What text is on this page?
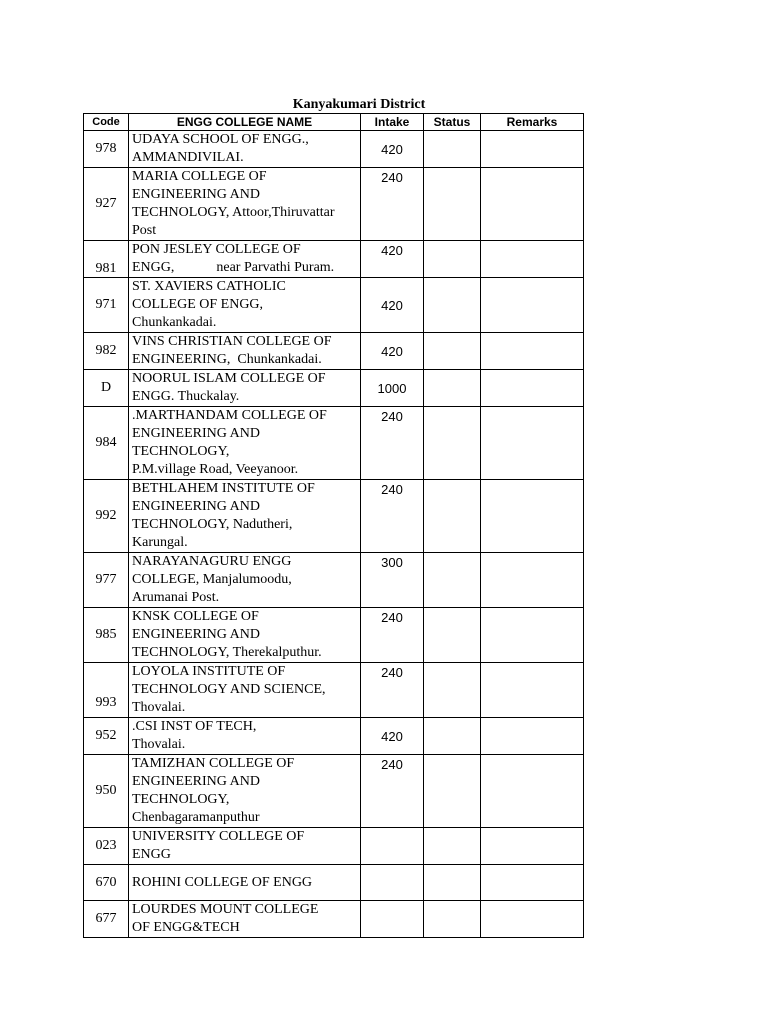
Kanyakumari District
Code	ENGG COLLEGE NAME	Intake	Status	Remarks
978	UDAYA SCHOOL OF ENGG.,
AMMANDIVILAI.	420		
927	MARIA COLLEGE OF
ENGINEERING AND
TECHNOLOGY, Attoor,Thiruvattar
Post	240		
981	PON JESLEY COLLEGE OF
ENGG,            near Parvathi Puram.	420		
971	ST. XAVIERS CATHOLIC
COLLEGE OF ENGG,
Chunkankadai.	420		
982	VINS CHRISTIAN COLLEGE OF
ENGINEERING,  Chunkankadai.	420		
D	NOORUL ISLAM COLLEGE OF
ENGG. Thuckalay.	1000		
984	.MARTHANDAM COLLEGE OF
ENGINEERING AND
TECHNOLOGY,
P.M.village Road, Veeyanoor.	240		
992	BETHLAHEM INSTITUTE OF
ENGINEERING AND
TECHNOLOGY, Nadutheri,
Karungal.	240		
977	NARAYANAGURU ENGG
COLLEGE, Manjalumoodu,
Arumanai Post.	300		
985	KNSK COLLEGE OF
ENGINEERING AND
TECHNOLOGY, Therekalputhur.	240		
993	LOYOLA INSTITUTE OF
TECHNOLOGY AND SCIENCE,
Thovalai.	240		
952	.CSI INST OF TECH,
Thovalai.	420		
950	TAMIZHAN COLLEGE OF
ENGINEERING AND
TECHNOLOGY,
Chenbagaramanputhur	240		
023	UNIVERSITY COLLEGE OF
ENGG			
670	ROHINI COLLEGE OF ENGG			
677	LOURDES MOUNT COLLEGE
OF ENGG&TECH			
